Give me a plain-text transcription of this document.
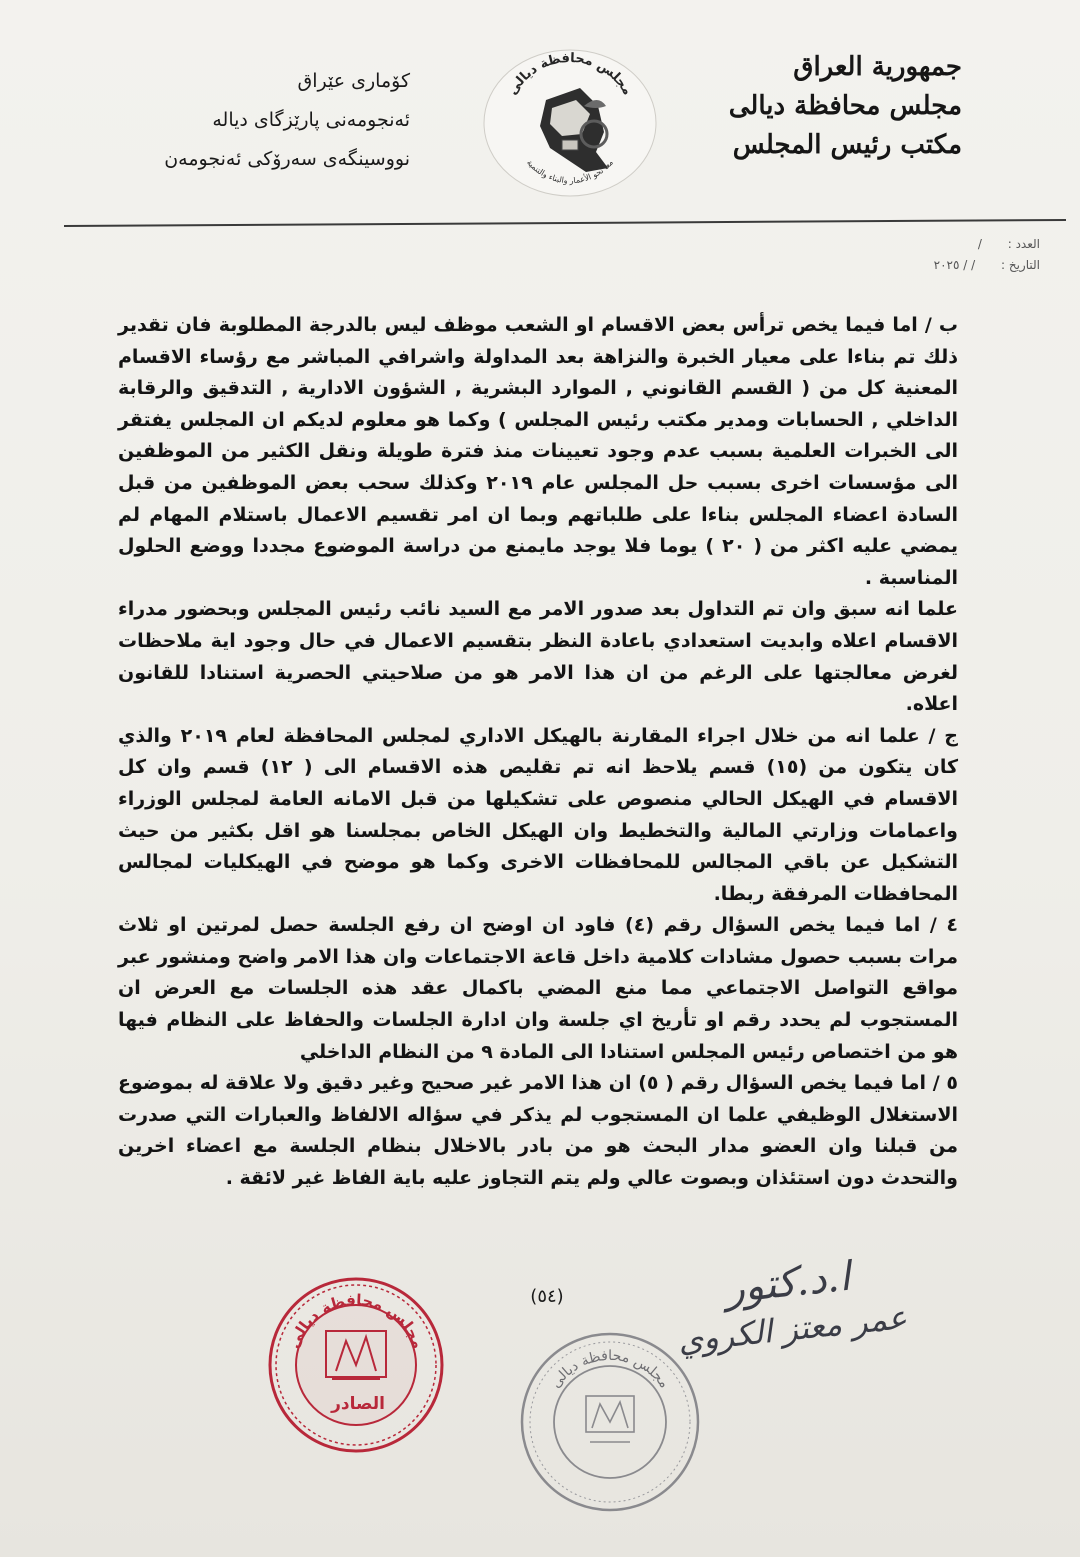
جمهورية العراق
مجلس محافظة ديالى
مكتب رئيس المجلس
كۆماری عێراق
ئەنجومەنی پارێزگای دیالە
نووسینگەی سەرۆکی ئەنجومەن
مجلس محافظة ديالى
معاً نحو الأعمار والبناء والتنمية
العدد : /
التاريخ : / / ٢٠٢٥

ب / اما فيما يخص ترأس بعض الاقسام او الشعب موظف ليس بالدرجة المطلوبة فان تقدير ذلك تم بناءا على معيار الخبرة والنزاهة بعد المداولة واشرافي المباشر مع رؤساء الاقسام المعنية كل من ( القسم القانوني , الموارد البشرية , الشؤون الادارية , التدقيق والرقابة الداخلي , الحسابات ومدير مكتب رئيس المجلس ) وكما هو معلوم لديكم ان المجلس يفتقر الى الخبرات العلمية بسبب عدم وجود تعيينات منذ فترة طويلة ونقل الكثير من الموظفين الى مؤسسات اخرى بسبب حل المجلس عام ٢٠١٩ وكذلك سحب بعض الموظفين من قبل السادة اعضاء المجلس بناءا على طلباتهم وبما ان امر تقسيم الاعمال باستلام المهام لم يمضي عليه اكثر من ( ٢٠ ) يوما فلا يوجد مايمنع من دراسة الموضوع مجددا ووضع الحلول المناسبة .

علما انه سبق وان تم التداول بعد صدور الامر مع السيد نائب رئيس المجلس وبحضور مدراء الاقسام اعلاه وابديت استعدادي باعادة النظر بتقسيم الاعمال في حال وجود اية ملاحظات لغرض معالجتها على الرغم من ان هذا الامر هو من صلاحيتي الحصرية استنادا للقانون اعلاه.

ج / علما انه من خلال اجراء المقارنة بالهيكل الاداري لمجلس المحافظة لعام ٢٠١٩ والذي كان يتكون من (١٥) قسم يلاحظ انه تم تقليص هذه الاقسام الى ( ١٢) قسم وان كل الاقسام في الهيكل الحالي منصوص على تشكيلها من قبل الامانه العامة لمجلس الوزراء واعمامات وزارتي المالية والتخطيط وان الهيكل الخاص بمجلسنا هو اقل بكثير من حيث التشكيل عن باقي المجالس للمحافظات الاخرى وكما هو موضح في الهيكليات لمجالس المحافظات المرفقة ربطا.

٤ / اما فيما يخص السؤال رقم (٤) فاود ان اوضح ان رفع الجلسة حصل لمرتين او ثلاث مرات بسبب حصول مشادات كلامية داخل قاعة الاجتماعات وان هذا الامر واضح ومنشور عبر مواقع التواصل الاجتماعي مما منع المضي باكمال عقد هذه الجلسات مع العرض ان المستجوب لم يحدد رقم او تأريخ اي جلسة وان ادارة الجلسات والحفاظ على النظام فيها هو من اختصاص رئيس المجلس استنادا الى المادة ٩ من النظام الداخلي

٥ / اما فيما يخص السؤال رقم ( ٥) ان هذا الامر غير صحيح وغير دقيق ولا علاقة له بموضوع الاستغلال الوظيفي علما ان المستجوب لم يذكر في سؤاله الالفاظ والعبارات التي صدرت من قبلنا وان العضو مدار البحث هو من بادر بالاخلال بنظام الجلسة مع اعضاء اخرين والتحدث دون استئذان وبصوت عالي ولم يتم التجاوز عليه باية الفاظ غير لائقة .

(٥٤)
مجلس محافظة ديالى
الصادر
مجلس محافظة ديالى
ا.د.كتور
عمر معتز الكروي
